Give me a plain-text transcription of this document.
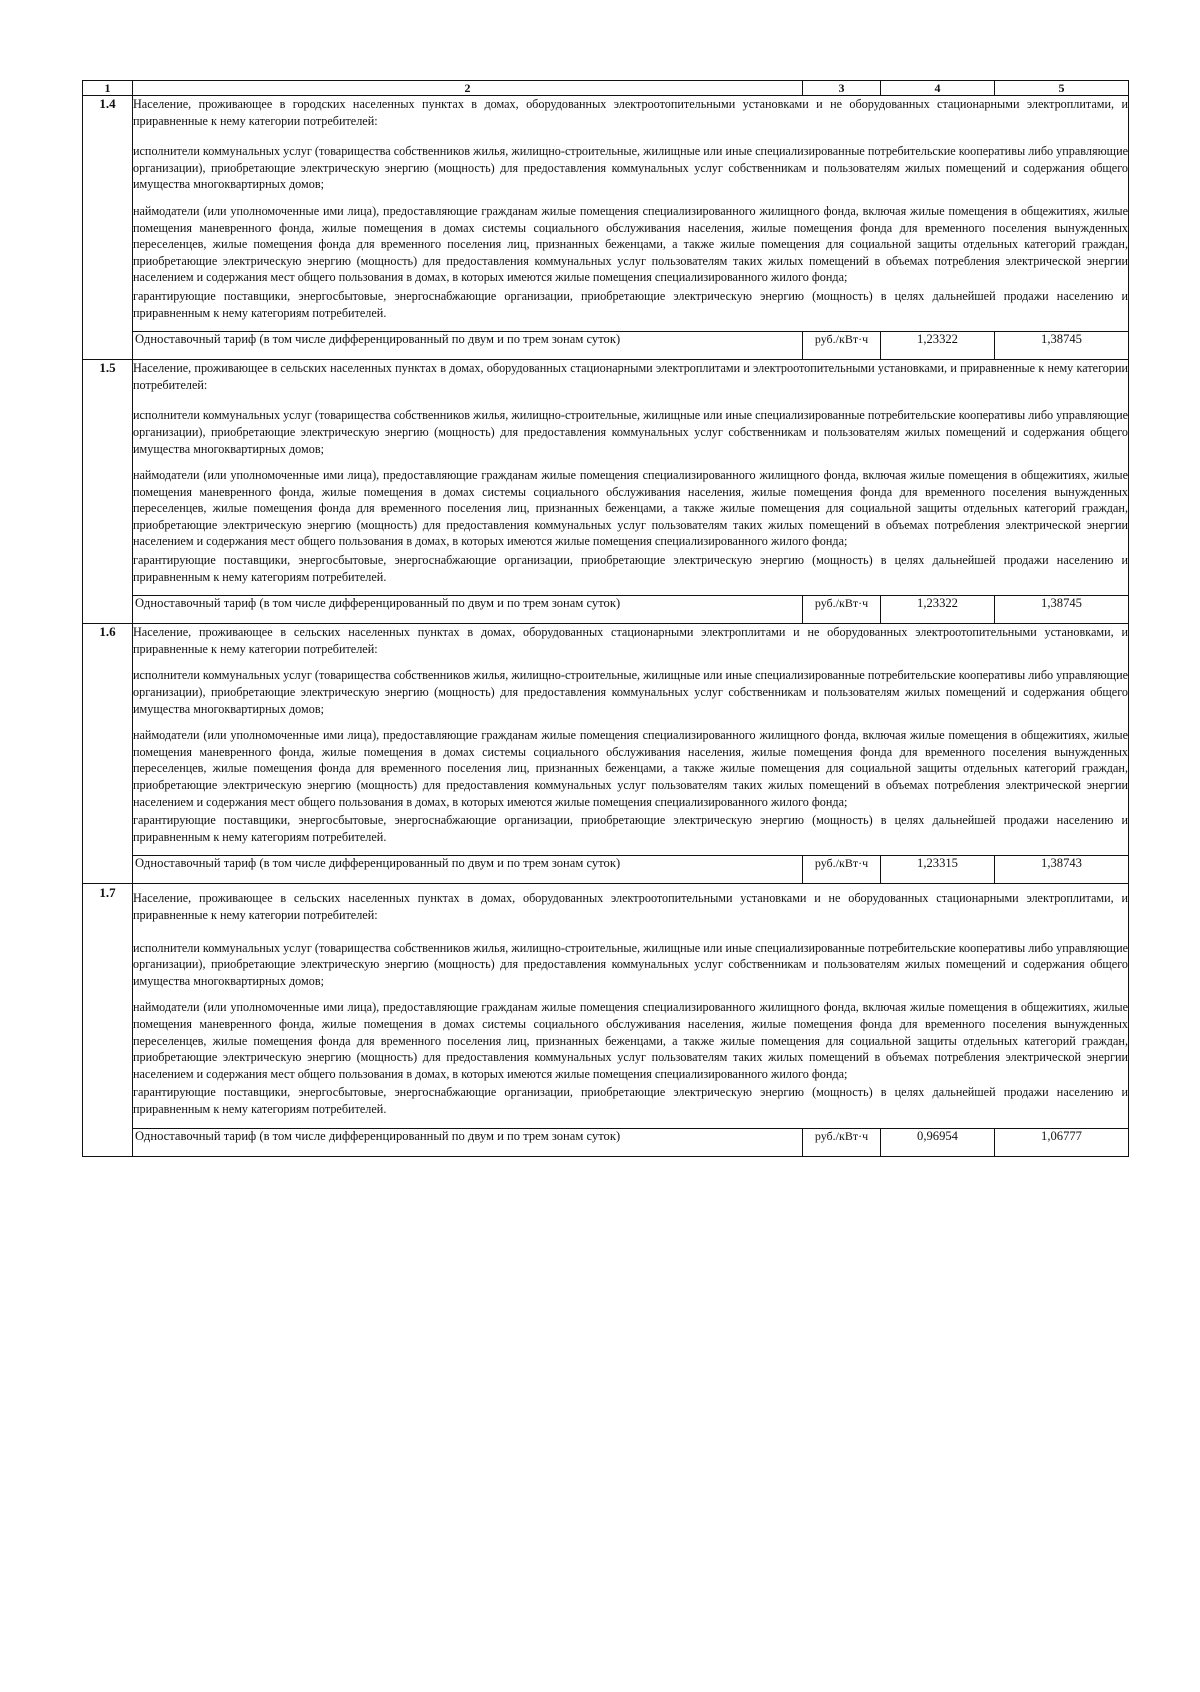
1	2	3	4	5
1.4	Население, проживающее в городских населенных пунктах в домах, оборудованных электроотопительными установками и не оборудованных стационарными электроплитами, и приравненные к нему категории потребителей:

исполнители коммунальных услуг (товарищества собственников жилья, жилищно-строительные, жилищные или иные специализированные потребительские кооперативы либо управляющие организации), приобретающие электрическую энергию (мощность) для предоставления коммунальных услуг собственникам и пользователям жилых помещений и содержания общего имущества многоквартирных домов;

наймодатели (или уполномоченные ими лица), предоставляющие гражданам жилые помещения специализированного жилищного фонда, включая жилые помещения в общежитиях, жилые помещения маневренного фонда, жилые помещения в домах системы социального обслуживания населения, жилые помещения фонда для временного поселения вынужденных переселенцев, жилые помещения фонда для временного поселения лиц, признанных беженцами, а также жилые помещения для социальной защиты отдельных категорий граждан, приобретающие электрическую энергию (мощность) для предоставления коммунальных услуг пользователям таких жилых помещений в объемах потребления электрической энергии населением и содержания мест общего пользования в домах, в которых имеются жилые помещения специализированного жилого фонда;

гарантирующие поставщики, энергосбытовые, энергоснабжающие организации, приобретающие электрическую энергию (мощность) в целях дальнейшей продажи населению и приравненным к нему категориям потребителей.			

	Одноставочный тариф (в том числе дифференцированный по двум и по трем зонам суток)	руб./кВт·ч	1,23322	1,38745
1.5	Население, проживающее в сельских населенных пунктах в домах, оборудованных стационарными электроплитами и электроотопительными установками, и приравненные к нему категории потребителей:

исполнители коммунальных услуг (товарищества собственников жилья, жилищно-строительные, жилищные или иные специализированные потребительские кооперативы либо управляющие организации), приобретающие электрическую энергию (мощность) для предоставления коммунальных услуг собственникам и пользователям жилых помещений и содержания общего имущества многоквартирных домов;

наймодатели (или уполномоченные ими лица), предоставляющие гражданам жилые помещения специализированного жилищного фонда, включая жилые помещения в общежитиях, жилые помещения маневренного фонда, жилые помещения в домах системы социального обслуживания населения, жилые помещения фонда для временного поселения вынужденных переселенцев, жилые помещения фонда для временного поселения лиц, признанных беженцами, а также жилые помещения для социальной защиты отдельных категорий граждан, приобретающие электрическую энергию (мощность) для предоставления коммунальных услуг пользователям таких жилых помещений в объемах потребления электрической энергии населением и содержания мест общего пользования в домах, в которых имеются жилые помещения специализированного жилого фонда;

гарантирующие поставщики, энергосбытовые, энергоснабжающие организации, приобретающие электрическую энергию (мощность) в целях дальнейшей продажи населению и приравненным к нему категориям потребителей.			

	Одноставочный тариф (в том числе дифференцированный по двум и по трем зонам суток)	руб./кВт·ч	1,23322	1,38745
1.6	Население, проживающее в сельских населенных пунктах в домах, оборудованных стационарными электроплитами и не оборудованных электроотопительными установками, и приравненные к нему категории потребителей:

исполнители коммунальных услуг (товарищества собственников жилья, жилищно-строительные, жилищные или иные специализированные потребительские кооперативы либо управляющие организации), приобретающие электрическую энергию (мощность) для предоставления коммунальных услуг собственникам и пользователям жилых помещений и содержания общего имущества многоквартирных домов;

наймодатели (или уполномоченные ими лица), предоставляющие гражданам жилые помещения специализированного жилищного фонда, включая жилые помещения в общежитиях, жилые помещения маневренного фонда, жилые помещения в домах системы социального обслуживания населения, жилые помещения фонда для временного поселения вынужденных переселенцев, жилые помещения фонда для временного поселения лиц, признанных беженцами, а также жилые помещения для социальной защиты отдельных категорий граждан, приобретающие электрическую энергию (мощность) для предоставления коммунальных услуг пользователям таких жилых помещений в объемах потребления электрической энергии населением и содержания мест общего пользования в домах, в которых имеются жилые помещения специализированного жилого фонда;

гарантирующие поставщики, энергосбытовые, энергоснабжающие организации, приобретающие электрическую энергию (мощность) в целях дальнейшей продажи населению и приравненным к нему категориям потребителей.			

	Одноставочный тариф (в том числе дифференцированный по двум и по трем зонам суток)	руб./кВт·ч	1,23315	1,38743
1.7	Население, проживающее в сельских населенных пунктах в домах, оборудованных электроотопительными установками и не оборудованных стационарными электроплитами, и приравненные к нему категории потребителей:

исполнители коммунальных услуг (товарищества собственников жилья, жилищно-строительные, жилищные или иные специализированные потребительские кооперативы либо управляющие организации), приобретающие электрическую энергию (мощность) для предоставления коммунальных услуг собственникам и пользователям жилых помещений и содержания общего имущества многоквартирных домов;

наймодатели (или уполномоченные ими лица), предоставляющие гражданам жилые помещения специализированного жилищного фонда, включая жилые помещения в общежитиях, жилые помещения маневренного фонда, жилые помещения в домах системы социального обслуживания населения, жилые помещения фонда для временного поселения вынужденных переселенцев, жилые помещения фонда для временного поселения лиц, признанных беженцами, а также жилые помещения для социальной защиты отдельных категорий граждан, приобретающие электрическую энергию (мощность) для предоставления коммунальных услуг пользователям таких жилых помещений в объемах потребления электрической энергии населением и содержания мест общего пользования в домах, в которых имеются жилые помещения специализированного жилого фонда;

гарантирующие поставщики, энергосбытовые, энергоснабжающие организации, приобретающие электрическую энергию (мощность) в целях дальнейшей продажи населению и приравненным к нему категориям потребителей.			

	Одноставочный тариф (в том числе дифференцированный по двум и по трем зонам суток)	руб./кВт·ч	0,96954	1,06777
